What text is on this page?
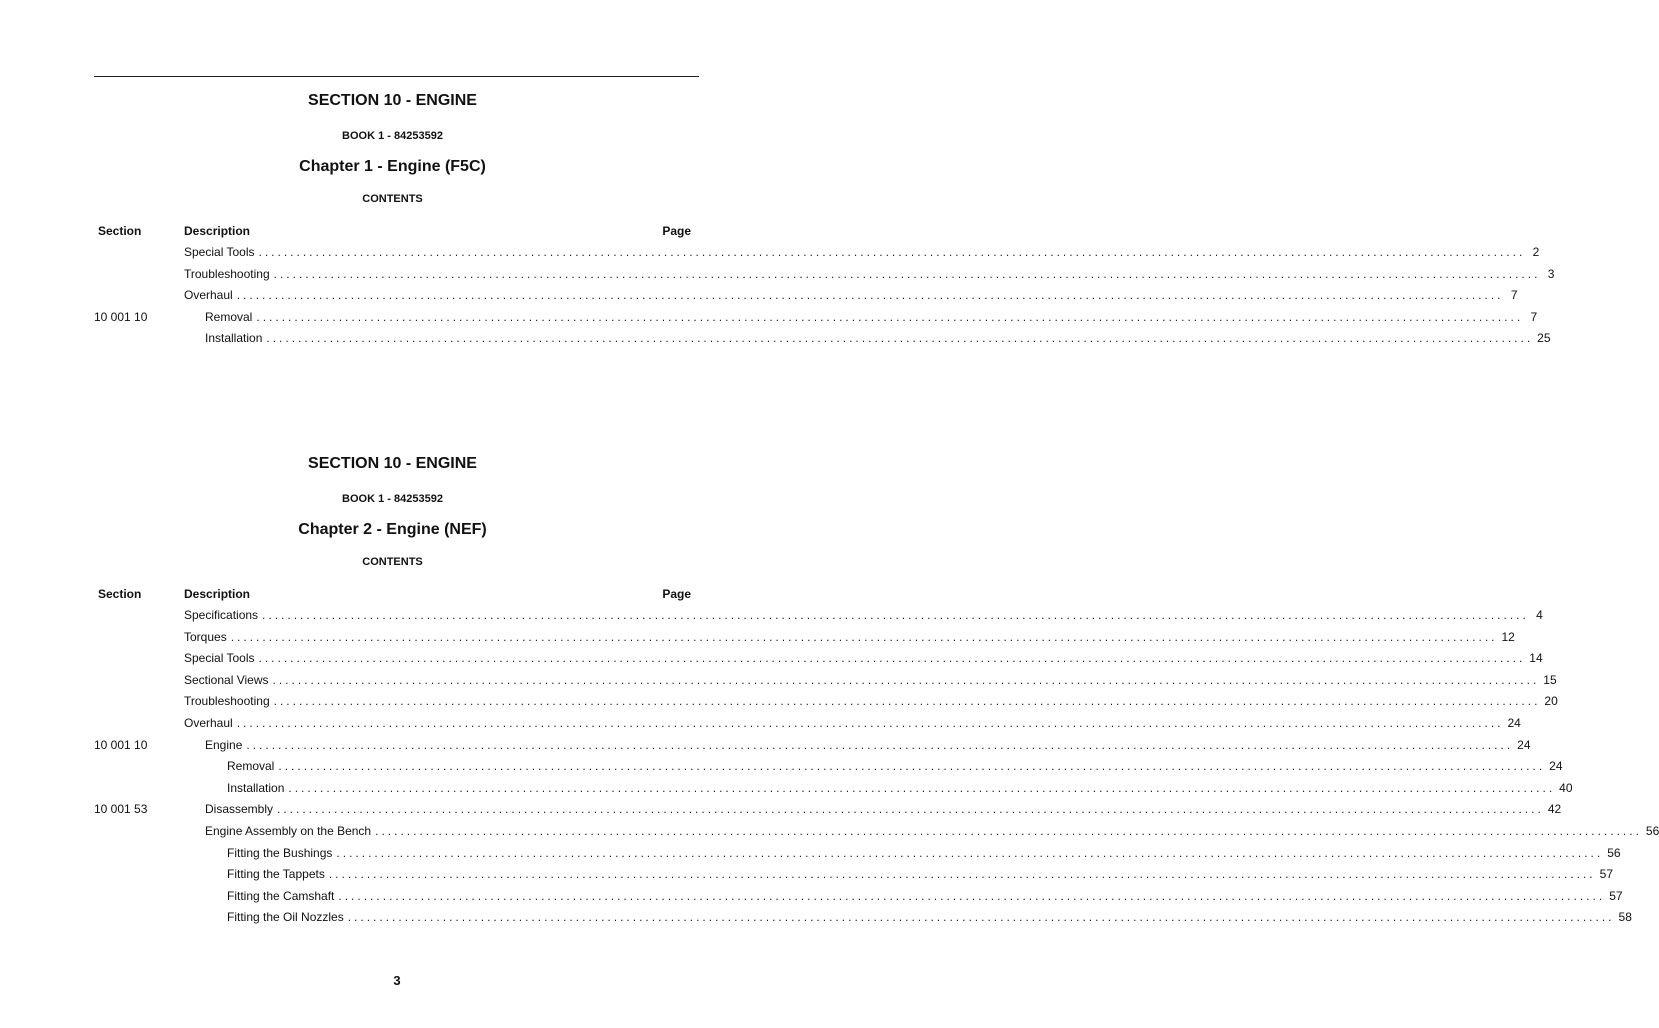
SECTION 10 - ENGINE
BOOK 1 - 84253592
Chapter 1 - Engine (F5C)
CONTENTS
Section	Description	Page
Special Tools ........................................................................................................................................................................................................ 2
Troubleshooting ........................................................................................................................................................................................................ 3
Overhaul ........................................................................................................................................................................................................ 7
10 001 10	Removal ........................................................................................................................................................................................................ 7
Installation ........................................................................................................................................................................................................ 25
SECTION 10 - ENGINE
BOOK 1 - 84253592
Chapter 2 - Engine (NEF)
CONTENTS
Section	Description	Page
Specifications ........................................................................................................................................................................................................ 4
Torques ........................................................................................................................................................................................................ 12
Special Tools ........................................................................................................................................................................................................ 14
Sectional Views ........................................................................................................................................................................................................ 15
Troubleshooting ........................................................................................................................................................................................................ 20
Overhaul ........................................................................................................................................................................................................ 24
10 001 10	Engine ........................................................................................................................................................................................................ 24
Removal ........................................................................................................................................................................................................ 24
Installation ........................................................................................................................................................................................................ 40
10 001 53	Disassembly ........................................................................................................................................................................................................ 42
Engine Assembly on the Bench ........................................................................................................................................................................................................ 56
Fitting the Bushings ........................................................................................................................................................................................................ 56
Fitting the Tappets ........................................................................................................................................................................................................ 57
Fitting the Camshaft ........................................................................................................................................................................................................ 57
Fitting the Oil Nozzles ........................................................................................................................................................................................................ 58
3
